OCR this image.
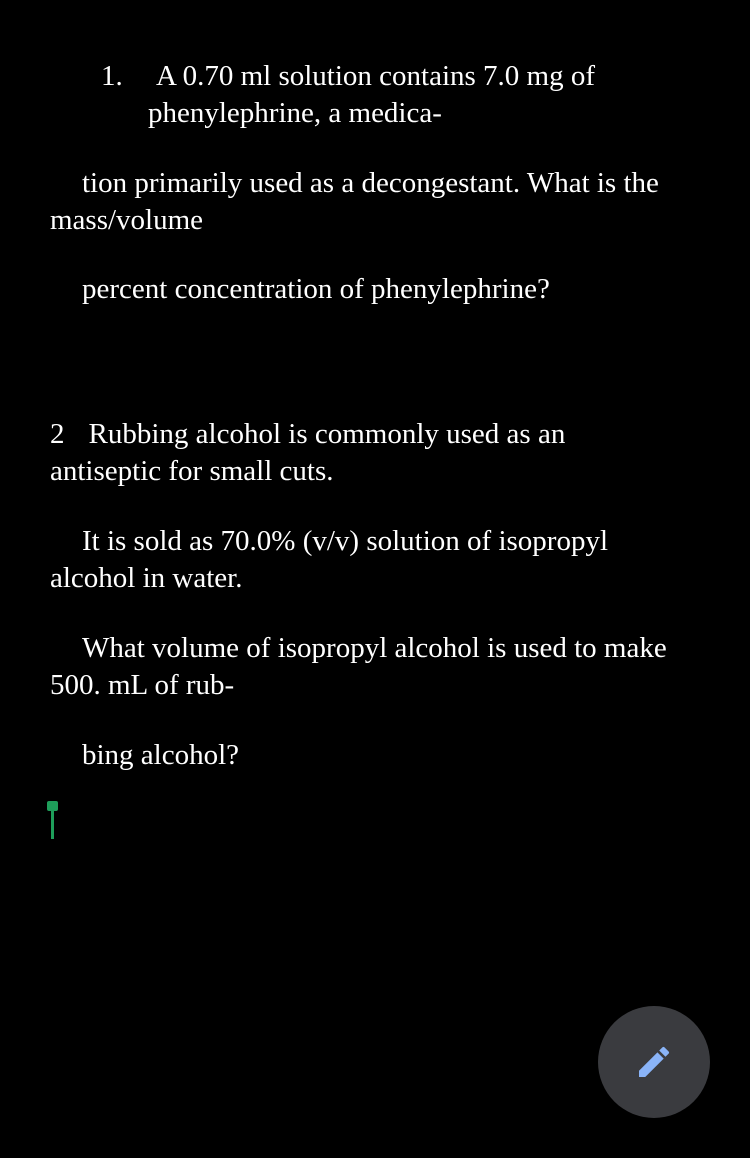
1. A 0.70 ml solution contains 7.0 mg of
phenylephrine, a medica-

tion primarily used as a decongestant. What is the mass/volume

percent concentration of phenylephrine?

2 Rubbing alcohol is commonly used as an antiseptic for small cuts.

It is sold as 70.0% (v/v) solution of isopropyl alcohol in water.

What volume of isopropyl alcohol is used to make 500. mL of rub-

bing alcohol?
